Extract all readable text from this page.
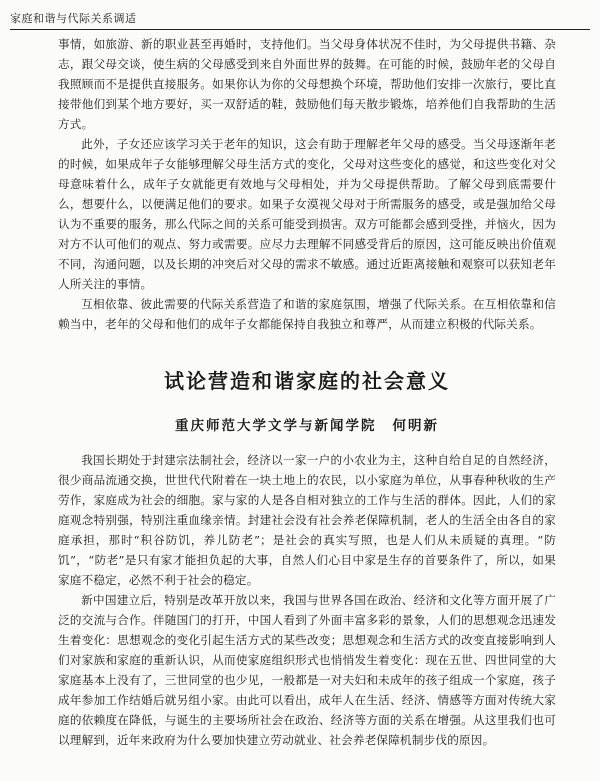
家庭和谐与代际关系调适

事情，如旅游、新的职业甚至再婚时，支持他们。当父母身体状况不佳时，为父母提供书籍、杂志，跟父母交谈，使生病的父母感受到来自外面世界的鼓舞。在可能的时候，鼓励年老的父母自我照顾而不是提供直接服务。如果你认为你的父母想换个环境，帮助他们安排一次旅行，要比直接带他们到某个地方要好，买一双舒适的鞋，鼓励他们每天散步锻炼，培养他们自我帮助的生活方式。

此外，子女还应该学习关于老年的知识，这会有助于理解老年父母的感受。当父母逐渐年老的时候，如果成年子女能够理解父母生活方式的变化，父母对这些变化的感觉，和这些变化对父母意味着什么，成年子女就能更有效地与父母相处，并为父母提供帮助。了解父母到底需要什么，想要什么，以便满足他们的要求。如果子女漠视父母对于所需服务的感受，或是强加给父母认为不重要的服务，那么代际之间的关系可能受到损害。双方可能都会感到受挫，并恼火，因为对方不认可他们的观点、努力或需要。应尽力去理解不同感受背后的原因，这可能反映出价值观不同，沟通问题，以及长期的冲突后对父母的需求不敏感。通过近距离接触和观察可以获知老年人所关注的事情。

互相依靠、彼此需要的代际关系营造了和谐的家庭氛围，增强了代际关系。在互相依靠和信赖当中，老年的父母和他们的成年子女都能保持自我独立和尊严，从而建立积极的代际关系。

试论营造和谐家庭的社会意义
重庆师范大学文学与新闻学院 何明新

我国长期处于封建宗法制社会，经济以一家一户的小农业为主，这种自给自足的自然经济，很少商品流通交换，世世代代附着在一块土地上的农民，以小家庭为单位，从事春种秋收的生产劳作，家庭成为社会的细胞。家与家的人是各自相对独立的工作与生活的群体。因此，人们的家庭观念特别强，特别注重血缘亲情。封建社会没有社会养老保障机制，老人的生活全由各自的家庭承担，那时“积谷防饥，养儿防老”；是社会的真实写照，也是人们从未质疑的真理。“防饥”，“防老”是只有家才能担负起的大事，自然人们心目中家是生存的首要条件了，所以，如果家庭不稳定，必然不利于社会的稳定。

新中国建立后，特别是改革开放以来，我国与世界各国在政治、经济和文化等方面开展了广泛的交流与合作。伴随国门的打开，中国人看到了外面丰富多彩的景象，人们的思想观念迅速发生着变化：思想观念的变化引起生活方式的某些改变；思想观念和生活方式的改变直接影响到人们对家族和家庭的重新认识，从而使家庭组织形式也悄悄发生着变化：现在五世、四世同堂的大家庭基本上没有了，三世同堂的也少见，一般都是一对夫妇和未成年的孩子组成一个家庭，孩子成年参加工作结婚后就另组小家。由此可以看出，成年人在生活、经济、情感等方面对传统大家庭的依赖度在降低，与诞生的主要场所社会在政治、经济等方面的关系在增强。从这里我们也可以理解到，近年来政府为什么要加快建立劳动就业、社会养老保障机制步伐的原因。
